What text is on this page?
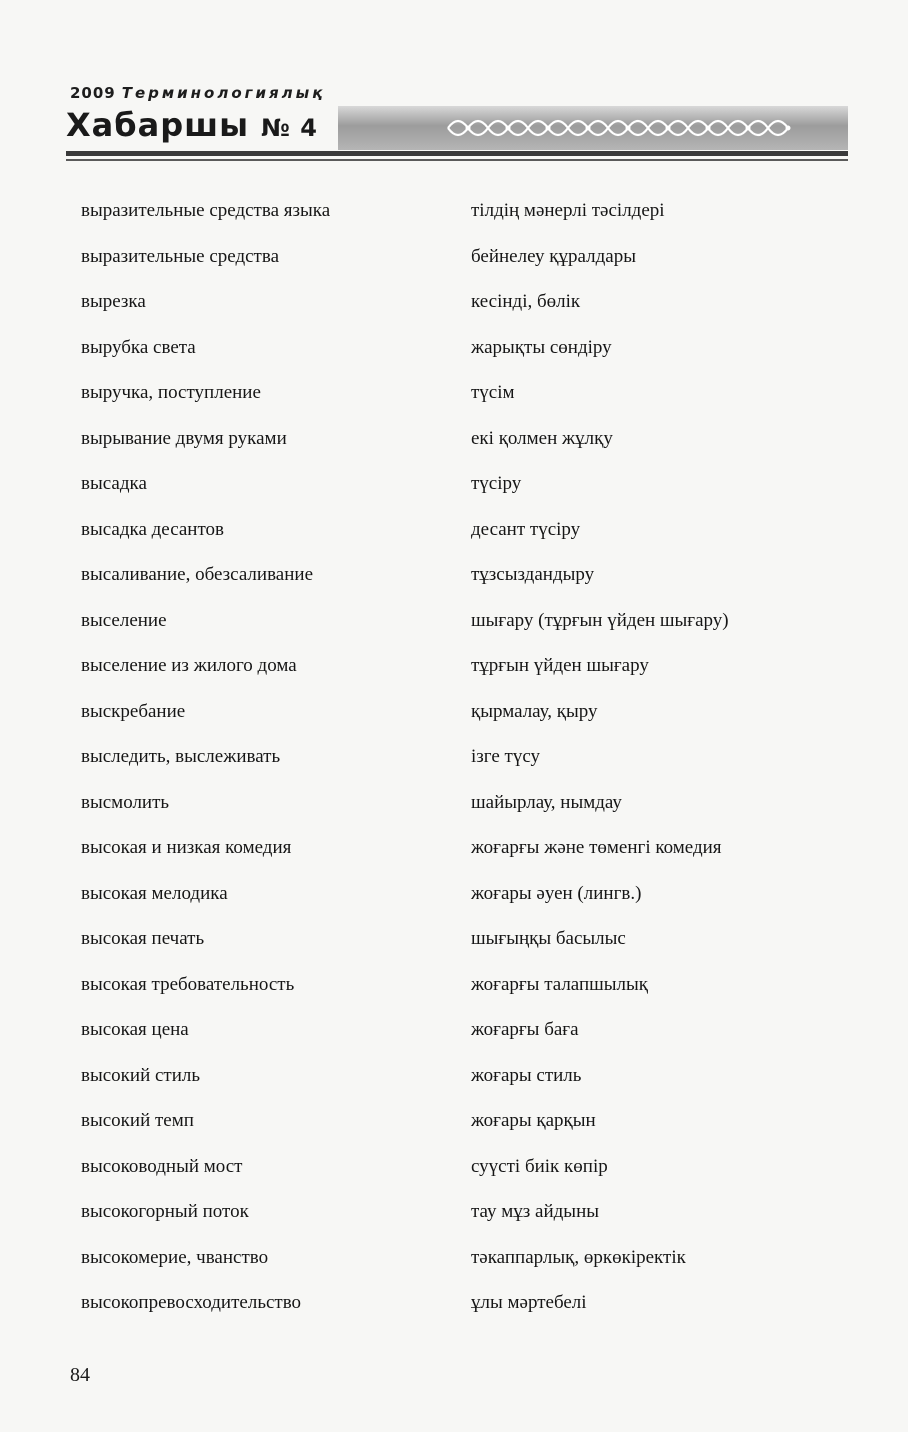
2009 Терминологиялық
Хабаршы № 4
выразительные средства языка	тілдің мәнерлі тәсілдері
выразительные средства	бейнелеу құралдары
вырезка	кесінді, бөлік
вырубка света	жарықты сөндіру
выручка, поступление	түсім
вырывание двумя руками	екі қолмен жұлқу
высадка	түсіру
высадка десантов	десант түсіру
высаливание, обезсаливание	тұзсыздандыру
выселение	шығару (тұрғын үйден шығару)
выселение из жилого дома	тұрғын үйден шығару
выскребание	қырмалау, қыру
выследить, выслеживать	ізге түсу
высмолить	шайырлау, нымдау
высокая и низкая комедия	жоғарғы және төменгі комедия
высокая мелодика	жоғары әуен (лингв.)
высокая печать	шығыңқы басылыс
высокая требовательность	жоғарғы талапшылық
высокая цена	жоғарғы баға
высокий стиль	жоғары стиль
высокий темп	жоғары қарқын
высоководный мост	суүсті биік көпір
высокогорный поток	тау мұз айдыны
высокомерие, чванство	тәкаппарлық, өркөкіректік
высокопревосходительство	ұлы мәртебелі
84
